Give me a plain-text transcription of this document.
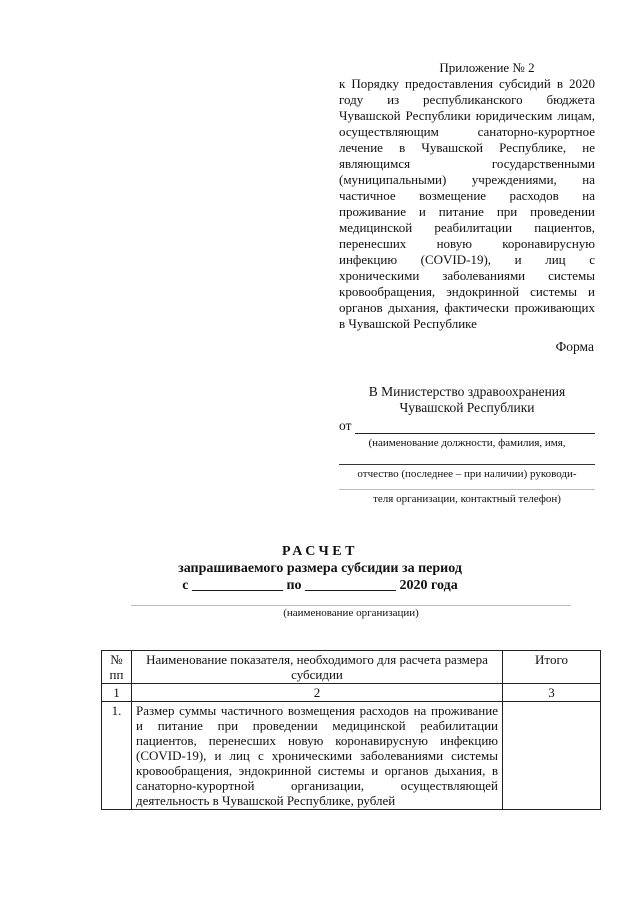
Приложение № 2
к Порядку предоставления субсидий в 2020 году из республиканского бюджета Чувашской Республики юридическим лицам, осуществляющим санаторно-курортное лечение в Чувашской Республике, не являющимся государственными (муниципальными) учреждениями, на частичное возмещение расходов на проживание и питание при проведении медицинской реабилитации пациентов, перенесших новую коронавирусную инфекцию (COVID-19), и лиц с хроническими заболеваниями системы кровообращения, эндокринной системы и органов дыхания, фактически проживающих в Чувашской Республике
Форма
В Министерство здравоохранения
Чувашской Республики
от
(наименование должности, фамилия, имя,
отчество (последнее – при наличии) руководи-
теля организации, контактный телефон)
РАСЧЕТ
запрашиваемого размера субсидии за период
с _____________ по _____________ 2020 года
(наименование организации)
№ пп	Наименование показателя, необходимого для расчета размера субсидии	Итого
1	2	3
1.	Размер суммы частичного возмещения расходов на проживание и питание при проведении медицинской реабилитации пациентов, перенесших новую коронавирусную инфекцию (COVID-19), и лиц с хроническими заболеваниями системы кровообращения, эндокринной системы и органов дыхания, в санаторно-курортной организации, осуществляющей деятельность в Чувашской Республике, рублей	
